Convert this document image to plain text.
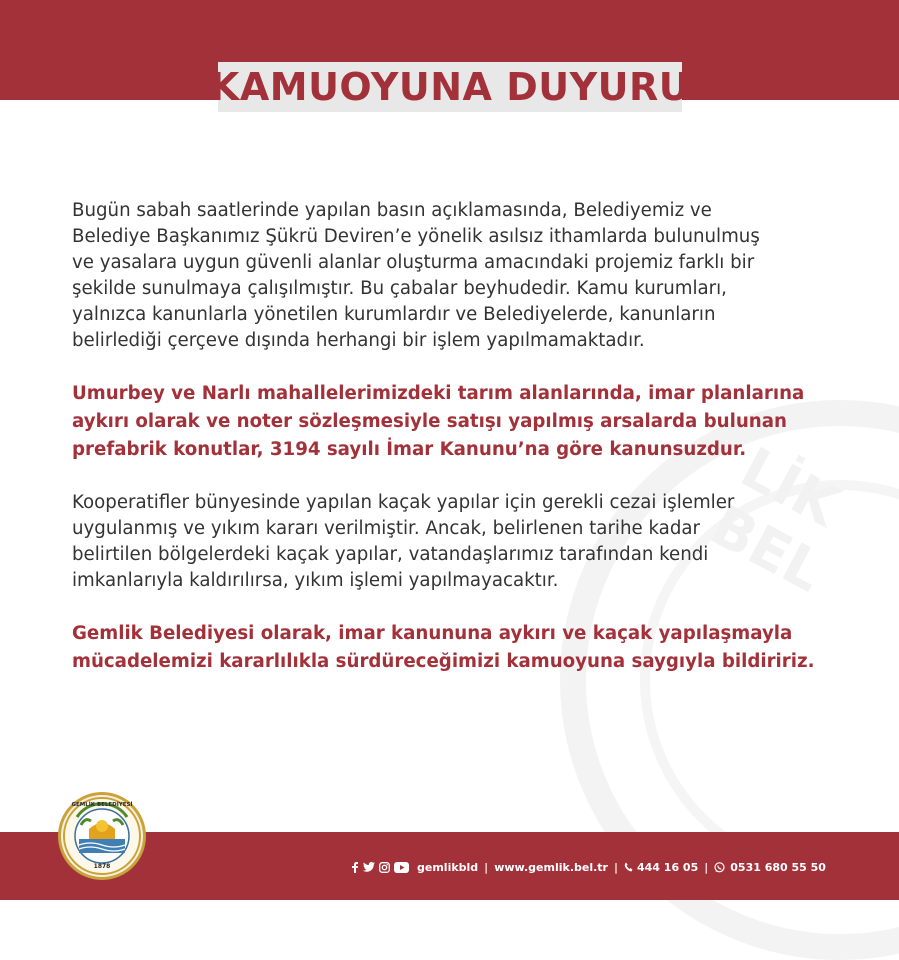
KAMUOYUNA DUYURU
LİK BEL

Bugün sabah saatlerinde yapılan basın açıklamasında, Belediyemiz ve
Belediye Başkanımız Şükrü Deviren’e yönelik asılsız ithamlarda bulunulmuş
ve yasalara uygun güvenli alanlar oluşturma amacındaki projemiz farklı bir
şekilde sunulmaya çalışılmıştır. Bu çabalar beyhudedir. Kamu kurumları,
yalnızca kanunlarla yönetilen kurumlardır ve Belediyelerde, kanunların
belirlediği çerçeve dışında herhangi bir işlem yapılmamaktadır.

Umurbey ve Narlı mahallelerimizdeki tarım alanlarında, imar planlarına
aykırı olarak ve noter sözleşmesiyle satışı yapılmış arsalarda bulunan
prefabrik konutlar, 3194 sayılı İmar Kanunu’na göre kanunsuzdur.

Kooperatifler bünyesinde yapılan kaçak yapılar için gerekli cezai işlemler
uygulanmış ve yıkım kararı verilmiştir. Ancak, belirlenen tarihe kadar
belirtilen bölgelerdeki kaçak yapılar, vatandaşlarımız tarafından kendi
imkanlarıyla kaldırılırsa, yıkım işlemi yapılmayacaktır.

Gemlik Belediyesi olarak, imar kanununa aykırı ve kaçak yapılaşmayla
mücadelemizi kararlılıkla sürdüreceğimizi kamuoyuna saygıyla bildiririz.

GEMLİK BELEDİYESİ
1878	gemlikbld | www.gemlik.bel.tr | 444 16 05 | 0531 680 55 50
